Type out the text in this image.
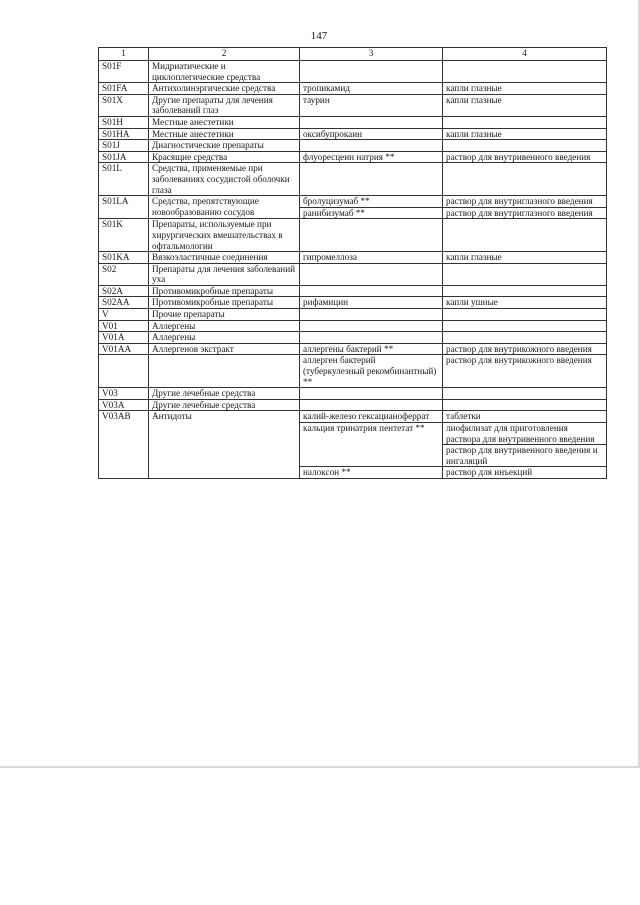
147
1	2	3	4
S01F	Мидриатические и циклоплегические средства		
S01FA	Антихолинэргические средства	тропикамид	капли глазные
S01X	Другие препараты для лечения заболеваний глаз	таурин	капли глазные
S01H	Местные анестетики		
S01HA	Местные анестетики	оксибупрокаин	капли глазные
S01J	Диагностические препараты		
S01JA	Красящие средства	флуоресцеин натрия **	раствор для внутривенного введения
S01L	Средства, применяемые при заболеваниях сосудистой оболочки глаза		
S01LA	Средства, препятствующие новообразованию сосудов	бролуцизумаб **	раствор для внутриглазного введения
		ранибизумаб **	раствор для внутриглазного введения
S01K	Препараты, используемые при хирургических вмешательствах в офтальмологии		
S01KA	Вязкоэластичные соединения	гипромеллоза	капли глазные
S02	Препараты для лечения заболеваний уха		
S02A	Противомикробные препараты		
S02AA	Противомикробные препараты	рифамицин	капли ушные
V	Прочие препараты		
V01	Аллергены		
V01A	Аллергены		
V01AA	Аллергенов экстракт	аллергены бактерий **	раствор для внутрикожного введения
		аллерген бактерий (туберкулезный рекомбинантный) **	раствор для внутрикожного введения
V03	Другие лечебные средства		
V03A	Другие лечебные средства		
V03AB	Антидоты	калий-железо гексацианоферрат	таблетки
		кальция тринатрия пентетат **	лиофилизат для приготовления раствора для внутривенного введения
			раствор для внутривенного введения и ингаляций
		налоксон **	раствор для инъекций
